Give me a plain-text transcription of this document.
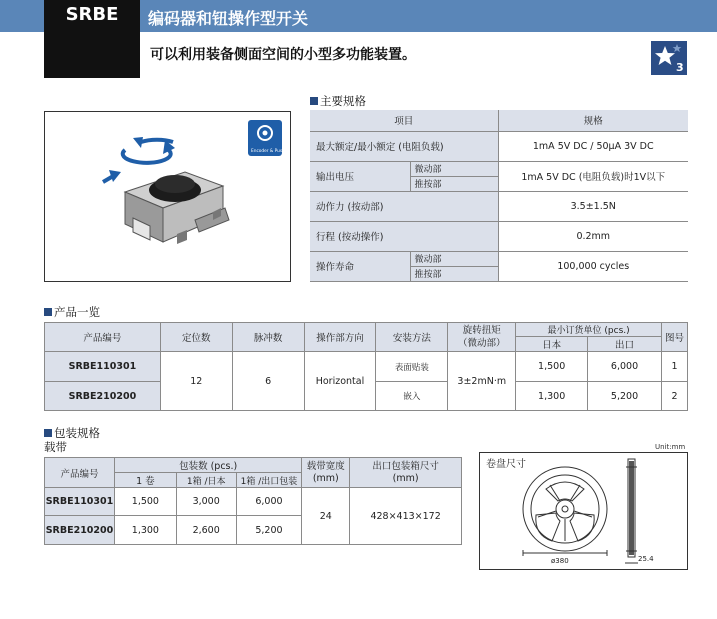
SRBE	编码器和钮操作型开关
可以利用装备侧面空间的小型多功能装置。
3
Encoder & Push
主要规格
项目		规格
最大额定/最小额定 (电阻负载)		1mA 5V DC / 50μA 3V DC
输出电压	微动部	1mA 5V DC (电阻负载)时1V以下
	推按部	
动作力 (按动部)		3.5±1.5N
行程 (按动操作)		0.2mm
操作寿命	微动部	100,000 cycles
	推按部	
产品一览
产品编号	定位数	脉冲数	操作部方向	安装方法	旋转扭矩
（微动部）	最小订货单位 (pcs.)		图号
						日本	出口	
SRBE110301	12	6	Horizontal	表面贴装	3±2mN·m	1,500	6,000	1
SRBE210200				嵌入		1,300	5,200	2
包装规格
载带
产品编号	包装数 (pcs.)			载带宽度
(mm)	出口包装箱尺寸
(mm)
	1 卷	1箱 /日本	1箱 /出口包装		
SRBE110301	1,500	3,000	6,000	24	428×413×172
SRBE210200	1,300	2,600	5,200		
Unit:mm
ø380	25.4
卷盘尺寸
